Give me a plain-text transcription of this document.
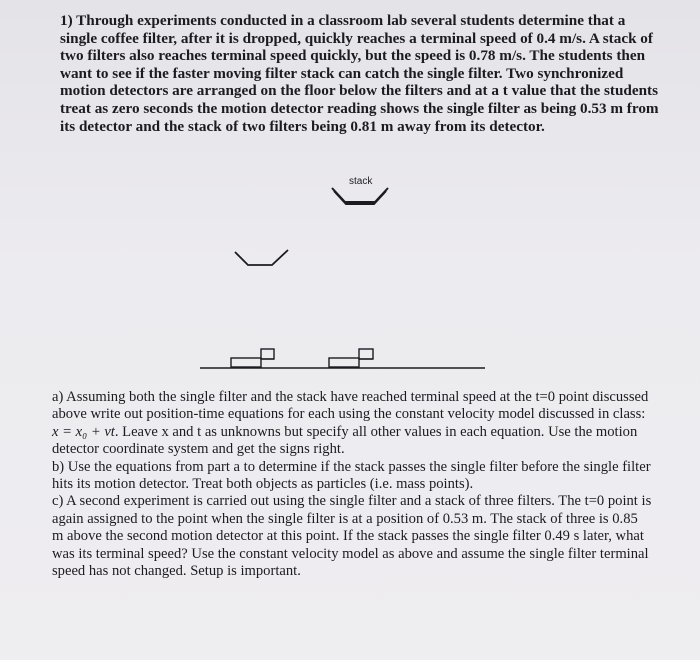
1) Through experiments conducted in a classroom lab several students determine that a single coffee filter, after it is dropped, quickly reaches a terminal speed of 0.4 m/s. A stack of two filters also reaches terminal speed quickly, but the speed is 0.78 m/s. The students then want to see if the faster moving filter stack can catch the single filter. Two synchronized motion detectors are arranged on the floor below the filters and at a t value that the students treat as zero seconds the motion detector reading shows the single filter as being 0.53 m from its detector and the stack of two filters being 0.81 m away from its detector.

stack

a) Assuming both the single filter and the stack have reached terminal speed at the t=0 point discussed above write out position-time equations for each using the constant velocity model discussed in class: x = x₀ + vt. Leave x and t as unknowns but specify all other values in each equation. Use the motion detector coordinate system and get the signs right.

b) Use the equations from part a to determine if the stack passes the single filter before the single filter hits its motion detector. Treat both objects as particles (i.e. mass points).

c) A second experiment is carried out using the single filter and a stack of three filters. The t=0 point is again assigned to the point when the single filter is at a position of 0.53 m. The stack of three is 0.85 m above the second motion detector at this point. If the stack passes the single filter 0.49 s later, what was its terminal speed? Use the constant velocity model as above and assume the single filter terminal speed has not changed. Setup is important.
